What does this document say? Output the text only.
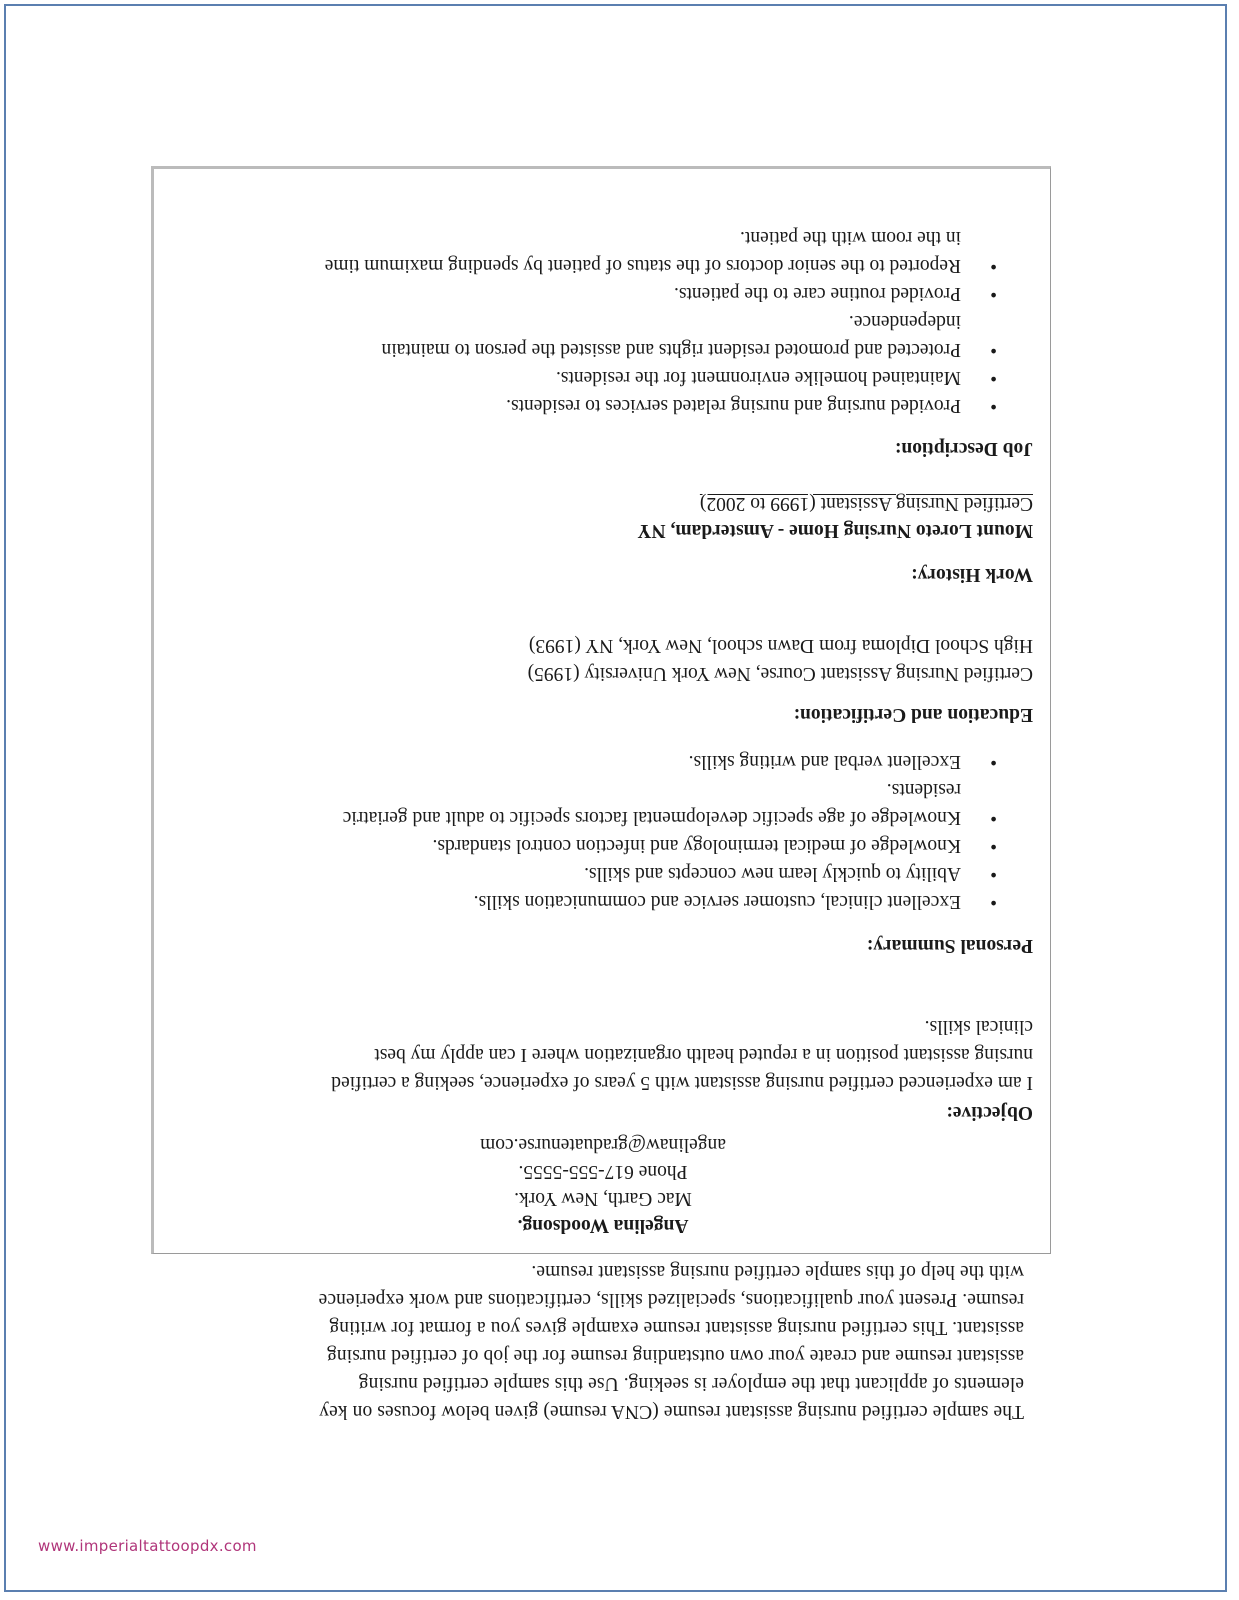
The sample certified nursing assistant resume (CNA resume) given below focuses on key
elements of applicant that the employer is seeking. Use this sample certified nursing
assistant resume and create your own outstanding resume for the job of certified nursing
assistant. This certified nursing assistant resume example gives you a format for writing
resume. Present your qualifications, specialized skills, certifications and work experience
with the help of this sample certified nursing assistant resume.
Angelina Woodsong.
Mac Garth, New York.
Phone 617-555-5555.
angelinaw@graduatenurse.com
Objective:
I am experienced certified nursing assistant with 5 years of experience, seeking a certified
nursing assistant position in a reputed health organization where I can apply my best
clinical skills.
Personal Summary:
•
Excellent clinical, customer service and communication skills.
•
Ability to quickly learn new concepts and skills.
•
Knowledge of medical terminology and infection control standards.
•
Knowledge of age specific developmental factors specific to adult and geriatric
residents.
•
Excellent verbal and writing skills.
Education and Certification:
Certified Nursing Assistant Course, New York University (1995)
High School Diploma from Dawn school, New York, NY (1993)
Work History:
Mount Loreto Nursing Home - Amsterdam, NY
Certified Nursing Assistant (1999 to 2002)
Job Description:
•
Provided nursing and nursing related services to residents.
•
Maintained homelike environment for the residents.
•
Protected and promoted resident rights and assisted the person to maintain
independence.
•
Provided routine care to the patients.
•
Reported to the senior doctors of the status of patient by spending maximum time
in the room with the patient.
www.imperialtattoopdx.com
